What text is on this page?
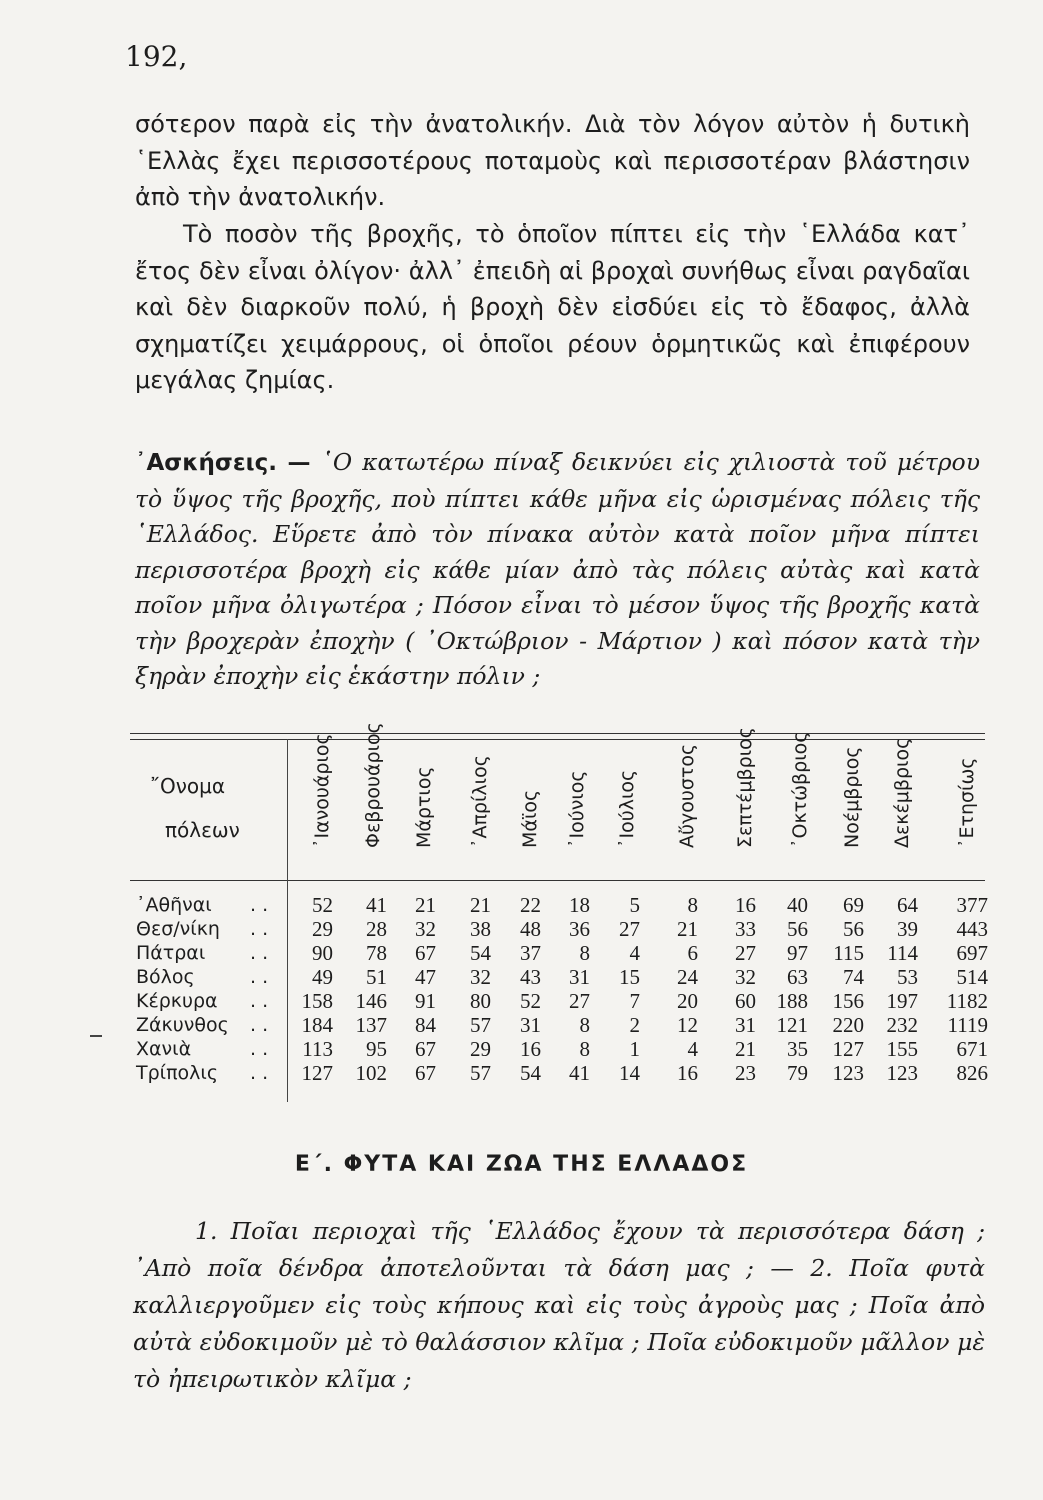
192,

σότερον παρὰ εἰς τὴν ἀνατολικήν. Διὰ τὸν λόγον αὐτὸν ἡ δυτικὴ ῾Ελλὰς ἔχει περισσοτέρους ποταμοὺς καὶ περισσοτέραν βλάστησιν ἀπὸ τὴν ἀνατολικήν.

Τὸ ποσὸν τῆς βροχῆς, τὸ ὁποῖον πίπτει εἰς τὴν ῾Ελλάδα κατ᾽ ἔτος δὲν εἶναι ὀλίγον· ἀλλ᾽ ἐπειδὴ αἱ βροχαὶ συνήθως εἶναι ραγδαῖαι καὶ δὲν διαρκοῦν πολύ, ἡ βροχὴ δὲν εἰσδύει εἰς τὸ ἔδαφος, ἀλλὰ σχηματίζει χειμάρρους, οἱ ὁποῖοι ρέουν ὁρμητικῶς καὶ ἐπιφέρουν μεγάλας ζημίας.

᾿Ασκήσεις. — ῾Ο κατωτέρω πίναξ δεικνύει εἰς χιλιοστὰ τοῦ μέτρου τὸ ὕψος τῆς βροχῆς, ποὺ πίπτει κάθε μῆνα εἰς ὡρισμένας πόλεις τῆς ῾Ελλάδος. Εὕρετε ἀπὸ τὸν πίνακα αὐτὸν κατὰ ποῖον μῆνα πίπτει περισσοτέρα βροχὴ εἰς κάθε μίαν ἀπὸ τὰς πόλεις αὐτὰς καὶ κατὰ ποῖον μῆνα ὀλιγωτέρα ; Πόσον εἶναι τὸ μέσον ὕψος τῆς βροχῆς κατὰ τὴν βροχερὰν ἐποχὴν ( ᾿Οκτώβριον - Μάρτιον ) καὶ πόσον κατὰ τὴν ξηρὰν ἐποχὴν εἰς ἑκάστην πόλιν ;

῎Ονομα
πόλεων	᾿Ιανουάριος Φεβρουάριος Μάρτιος ᾿Απρίλιος Μάϊος ᾿Ιούνιος ᾿Ιούλιος Αὔγουστος Σεπτέμβριος ᾿Οκτώβριος Νοέμβριος Δεκέμβριος ᾿Ετησίως
᾿Αθῆναι . .	52	41	21	21	22	18	5	8	16	40	69	64	377
Θεσ/νίκη . .	29	28	32	38	48	36	27	21	33	56	56	39	443
Πάτραι . .	90	78	67	54	37	8	4	6	27	97	115	114	697
Βόλος	. .	49	51	47	32	43	31	15	24	32	63	74	53	514
Κέρκυρα . .	158	146	91	80	52	27	7	20	60 188	156	197	1182
Ζάκυνθος . .	184	137	84	57	31	8	2	12	31 121	220	232	1119
Χανιὰ	. .	113	95	67	29	16	8	1	4	21	35	127	155	671
Τρίπολις . .	127	102	67	57	54	41	14	16	23	79	123	123	826
Ε΄. ΦΥΤΑ ΚΑΙ ΖΩΑ ΤΗΣ ΕΛΛΑΔΟΣ

1. Ποῖαι περιοχαὶ τῆς ῾Ελλάδος ἔχουν τὰ περισσότερα δάση ; ᾿Απὸ ποῖα δένδρα ἀποτελοῦνται τὰ δάση μας ; — 2. Ποῖα φυτὰ καλλιεργοῦμεν εἰς τοὺς κήπους καὶ εἰς τοὺς ἀγροὺς μας ; Ποῖα ἀπὸ αὐτὰ εὐδοκιμοῦν μὲ τὸ θαλάσσιον κλῖμα ; Ποῖα εὐδοκιμοῦν μᾶλλον μὲ τὸ ἠπειρωτικὸν κλῖμα ;
